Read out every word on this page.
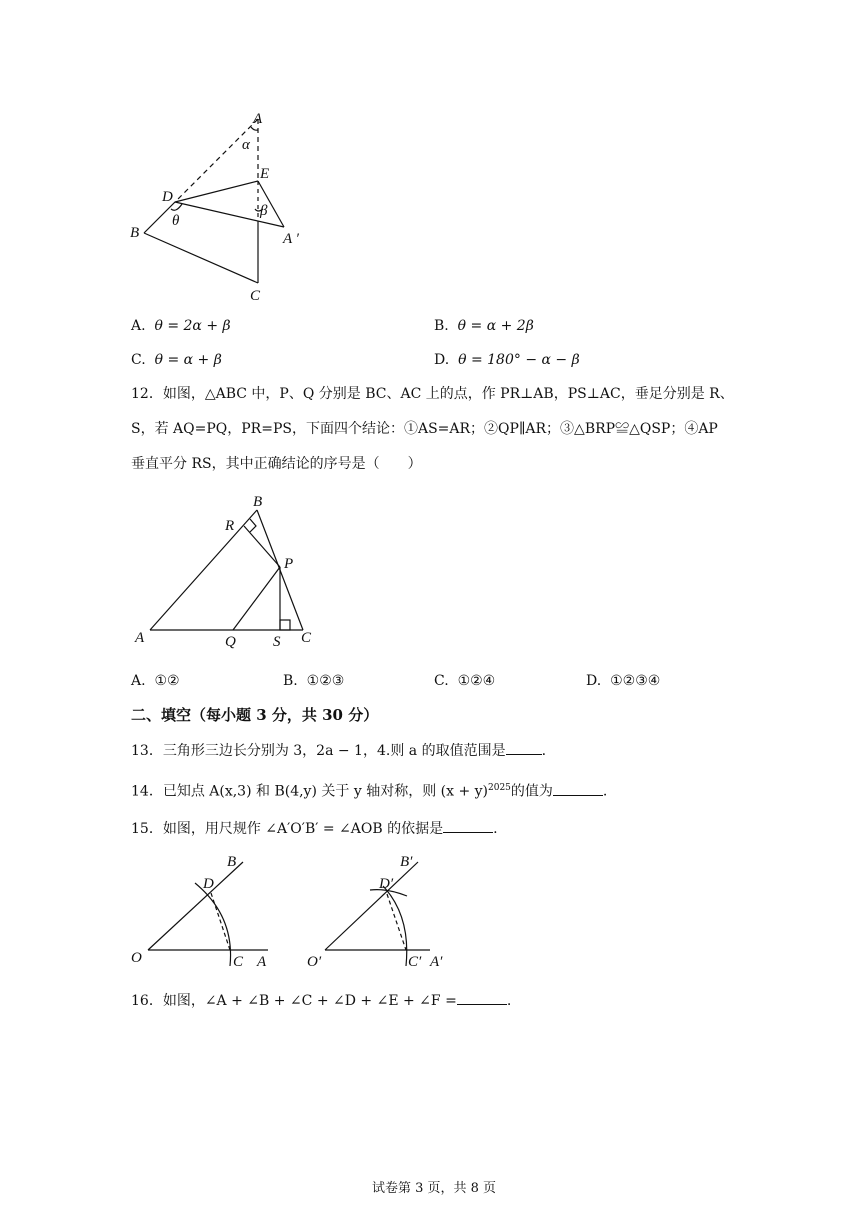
A
α
E
D
θ
β
B	A ′
C
A. θ = 2α + β	B. θ = α + 2β
C. θ = α + β	D. θ = 180° − α − β
12．如图，△ABC 中，P、Q 分别是 BC、AC 上的点，作 PR⊥AB，PS⊥AC，垂足分别是 R、
S，若 AQ=PQ，PR=PS，下面四个结论：①AS=AR；②QP∥AR；③△BRP≌△QSP；④AP
垂直平分 RS，其中正确结论的序号是（　　）
B
R
P
A	Q S C
A. ①②	B. ①②③	C. ①②④	D. ①②③④
二、填空（每小题 3 分，共 30 分）
13．三角形三边长分别为 3，2a − 1，4.则 a 的取值范围是	.
14．已知点 A(x,3) 和 B(4,y) 关于 y 轴对称，则 $(x + y)^{2025}$的值为	.
15．如图，用尺规作 ∠A′O′B′ = ∠AOB 的依据是	.
B
D
O	C A
B′
D′
O′	C′ A′
16．如图，∠A + ∠B + ∠C + ∠D + ∠E + ∠F =	.
试卷第 3 页，共 8 页
